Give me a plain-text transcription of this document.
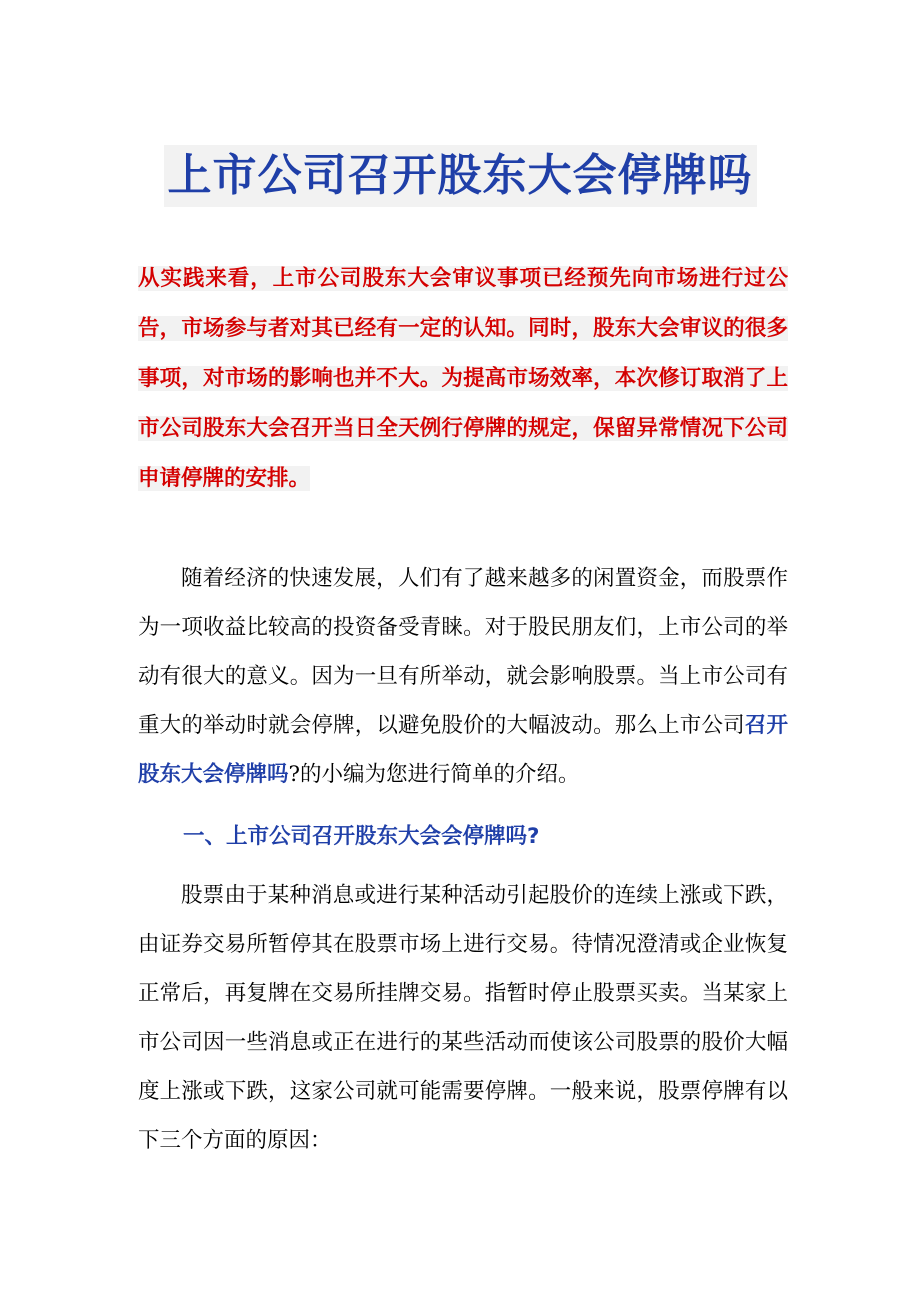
上市公司召开股东大会停牌吗

从实践来看，上市公司股东大会审议事项已经预先向市场进行过公告，市场参与者对其已经有一定的认知。同时，股东大会审议的很多事项，对市场的影响也并不大。为提高市场效率，本次修订取消了上市公司股东大会召开当日全天例行停牌的规定，保留异常情况下公司申请停牌的安排。

随着经济的快速发展，人们有了越来越多的闲置资金，而股票作为一项收益比较高的投资备受青睐。对于股民朋友们，上市公司的举动有很大的意义。因为一旦有所举动，就会影响股票。当上市公司有重大的举动时就会停牌，以避免股价的大幅波动。那么上市公司召开股东大会停牌吗?的小编为您进行简单的介绍。

一、上市公司召开股东大会会停牌吗?

股票由于某种消息或进行某种活动引起股价的连续上涨或下跌，由证券交易所暂停其在股票市场上进行交易。待情况澄清或企业恢复正常后，再复牌在交易所挂牌交易。指暂时停止股票买卖。当某家上市公司因一些消息或正在进行的某些活动而使该公司股票的股价大幅度上涨或下跌，这家公司就可能需要停牌。一般来说，股票停牌有以下三个方面的原因：
